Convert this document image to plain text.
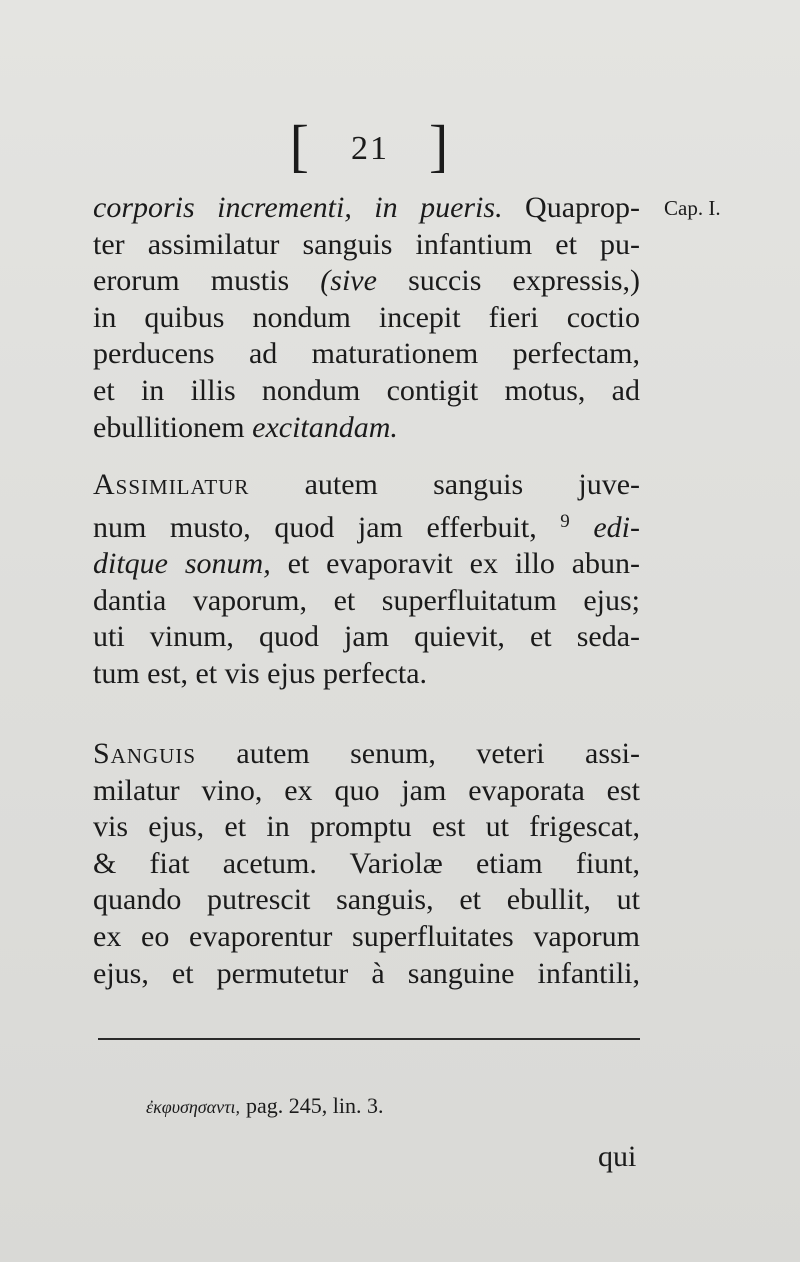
[ 21 ]
Cap. I.
corporis incrementi, in pueris. Quaprop-
ter assimilatur sanguis infantium et pu-
erorum mustis (sive succis expressis,)
in quibus nondum incepit fieri coctio
perducens ad maturationem perfectam,
et in illis nondum contigit motus, ad
ebullitionem excitandam.
Assimilatur autem sanguis juve-
num musto, quod jam efferbuit, $^9$ edi-
ditque sonum, et evaporavit ex illo abun-
dantia vaporum, et superfluitatum ejus;
uti vinum, quod jam quievit, et seda-
tum est, et vis ejus perfecta.
Sanguis autem senum, veteri assi-
milatur vino, ex quo jam evaporata est
vis ejus, et in promptu est ut frigescat,
& fiat acetum. Variolæ etiam fiunt,
quando putrescit sanguis, et ebullit, ut
ex eo evaporentur superfluitates vaporum
ejus, et permutetur à sanguine infantili,
ἐκφυσησαντι, pag. 245, lin. 3.
qui
